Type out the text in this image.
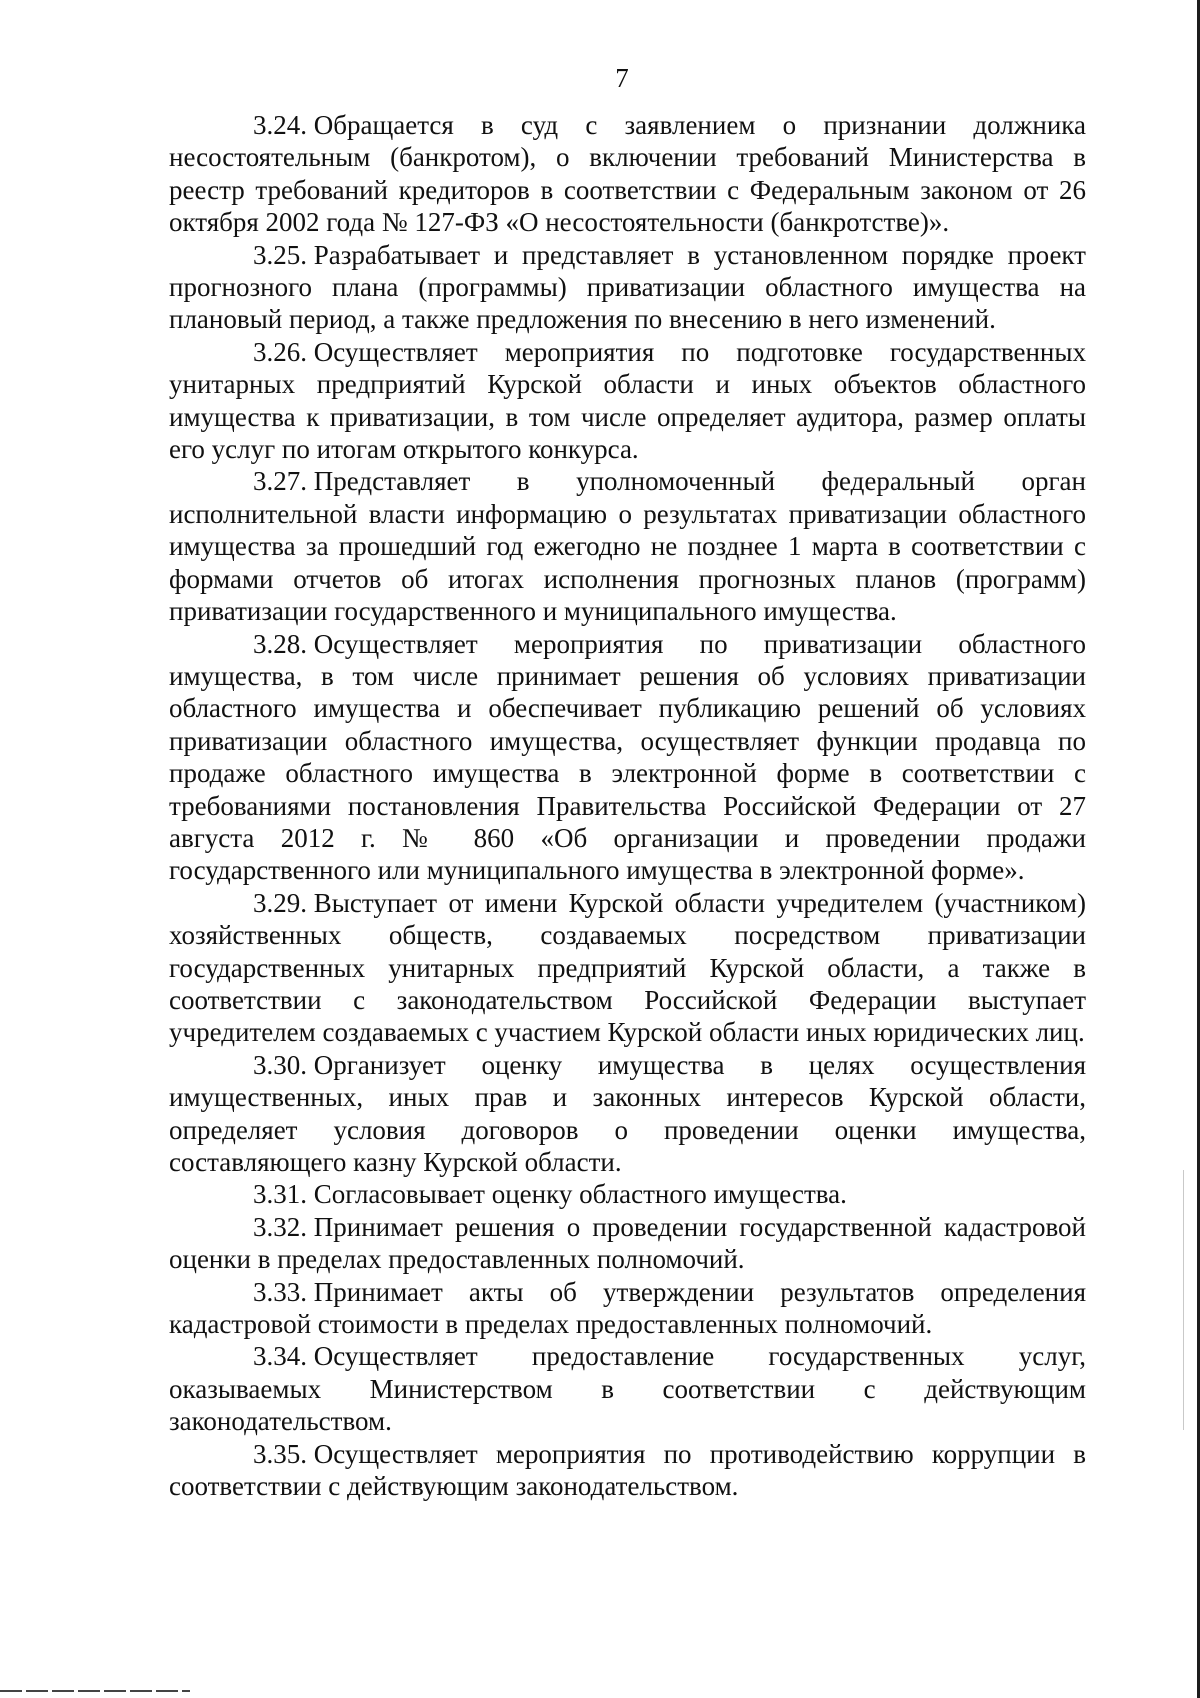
7

3.24. Обращается в суд с заявлением о признании должника несостоятельным (банкротом), о включении требований Министерства в реестр требований кредиторов в соответствии с Федеральным законом от 26 октября 2002 года № 127-ФЗ «О несостоятельности (банкротстве)».

3.25. Разрабатывает и представляет в установленном порядке проект прогнозного плана (программы) приватизации областного имущества на плановый период, а также предложения по внесению в него изменений.

3.26. Осуществляет мероприятия по подготовке государственных унитарных предприятий Курской области и иных объектов областного имущества к приватизации, в том числе определяет аудитора, размер оплаты его услуг по итогам открытого конкурса.

3.27. Представляет в уполномоченный федеральный орган исполнительной власти информацию о результатах приватизации областного имущества за прошедший год ежегодно не позднее 1 марта в соответствии с формами отчетов об итогах исполнения прогнозных планов (программ) приватизации государственного и муниципального имущества.

3.28. Осуществляет мероприятия по приватизации областного имущества, в том числе принимает решения об условиях приватизации областного имущества и обеспечивает публикацию решений об условиях приватизации областного имущества, осуществляет функции продавца по продаже областного имущества в электронной форме в соответствии с требованиями постановления Правительства Российской Федерации от 27 августа 2012 г. № 860 «Об организации и проведении продажи государственного или муниципального имущества в электронной форме».

3.29. Выступает от имени Курской области учредителем (участником) хозяйственных обществ, создаваемых посредством приватизации государственных унитарных предприятий Курской области, а также в соответствии с законодательством Российской Федерации выступает учредителем создаваемых с участием Курской области иных юридических лиц.

3.30. Организует оценку имущества в целях осуществления имущественных, иных прав и законных интересов Курской области, определяет условия договоров о проведении оценки имущества, составляющего казну Курской области.

3.31. Согласовывает оценку областного имущества.

3.32. Принимает решения о проведении государственной кадастровой оценки в пределах предоставленных полномочий.

3.33. Принимает акты об утверждении результатов определения кадастровой стоимости в пределах предоставленных полномочий.

3.34. Осуществляет предоставление государственных услуг, оказываемых Министерством в соответствии с действующим законодательством.

3.35. Осуществляет мероприятия по противодействию коррупции в соответствии с действующим законодательством.
